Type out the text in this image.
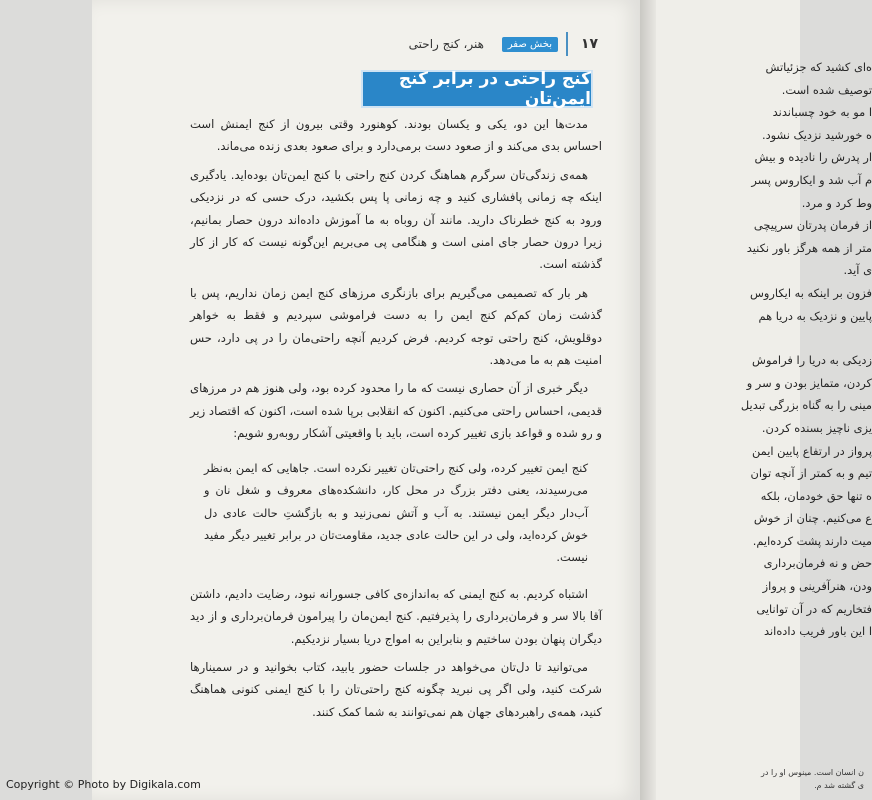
ه‌ای کشید که جزئیاتش
توصیف شده است.
ا مو به خود چسباندند
ه خورشید نزدیک نشود.
ار پدرش را نادیده و بیش
م آب شد و ایکاروس پسر
وط کرد و مرد.
از فرمان پدرتان سرپیچی
متر از همه هرگز باور نکنید
ی آید.
فزون بر اینکه به ایکاروس
پایین و نزدیک به دریا هم
زدیکی به دریا را فراموش
کردن، متمایز بودن و سر و
مینی را به گناه بزرگی تبدیل
یزی ناچیز بسنده کردن.
پرواز در ارتفاع پایین ایمن
تیم و به کمتر از آنچه توان
ه تنها حق خودمان، بلکه
ع می‌کنیم. چنان از خوش
میت دارند پشت کرده‌ایم.
حض و نه فرمان‌برداری
ودن، هنرآفرینی و پرواز
فتخاریم که در آن توانایی
ا این باور فریب داده‌اند
ن انسان است. مینوس او را در
ی گشته شد م.
۱۷
بخش صفر
هنر، کنج راحتی
کنج راحتی در برابر کنج ایمن‌تان

مدت‌ها این دو، یکی و یکسان بودند. کوهنورد وقتی بیرون از کنج ایمنش است احساس بدی می‌کند و از صعود دست برمی‌دارد و برای صعود بعدی زنده می‌ماند.

همه‌ی زندگی‌تان سرگرم هماهنگ کردن کنج راحتی با کنج ایمن‌تان بوده‌اید. یادگیری اینکه چه زمانی پافشاری کنید و چه زمانی پا پس بکشید، درک حسی که در نزدیکی ورود به کنج خطرناک دارید. مانند آن روباه به ما آموزش داده‌اند درون حصار بمانیم، زیرا درون حصار جای امنی است و هنگامی پی می‌بریم این‌گونه نیست که کار از کار گذشته است.

هر بار که تصمیمی می‌گیریم برای بازنگری مرزهای کنج ایمن زمان نداریم، پس با گذشت زمان کم‌کم کنج ایمن را به دست فراموشی سپردیم و فقط به خواهر دوقلویش، کنج راحتی توجه کردیم. فرض کردیم آنچه راحتی‌مان را در پی دارد، حس امنیت هم به ما می‌دهد.

دیگر خبری از آن حصاری نیست که ما را محدود کرده بود، ولی هنوز هم در مرزهای قدیمی، احساس راحتی می‌کنیم. اکنون که انقلابی برپا شده است، اکنون که اقتصاد زیر و رو شده و قواعد بازی تغییر کرده است، باید با واقعیتی آشکار روبه‌رو شویم:

کنج ایمن تغییر کرده، ولی کنج راحتی‌تان تغییر نکرده است. جاهایی که ایمن به‌نظر می‌رسیدند، یعنی دفتر بزرگ در محل کار، دانشکده‌های معروف و شغل نان و آب‌دار دیگر ایمن نیستند. به آب و آتش نمی‌زنید و به بازگشتِ حالت عادی دل خوش کرده‌اید، ولی در این حالت عادی جدید، مقاومت‌تان در برابر تغییر دیگر مفید نیست.

اشتباه کردیم. به کنج ایمنی که به‌اندازه‌ی کافی جسورانه نبود، رضایت دادیم، داشتن آقا بالا سر و فرمان‌برداری را پذیرفتیم. کنج ایمن‌مان را پیرامون فرمان‌برداری و از دید دیگران پنهان بودن ساختیم و بنابراین به امواج دریا بسیار نزدیکیم.

می‌توانید تا دل‌تان می‌خواهد در جلسات حضور یابید، کتاب بخوانید و در سمینارها شرکت کنید، ولی اگر پی نبرید چگونه کنج راحتی‌تان را با کنج ایمنی کنونی هماهنگ کنید، همه‌ی راهبردهای جهان هم نمی‌توانند به شما کمک کنند.

Copyright © Photo by Digikala.com
